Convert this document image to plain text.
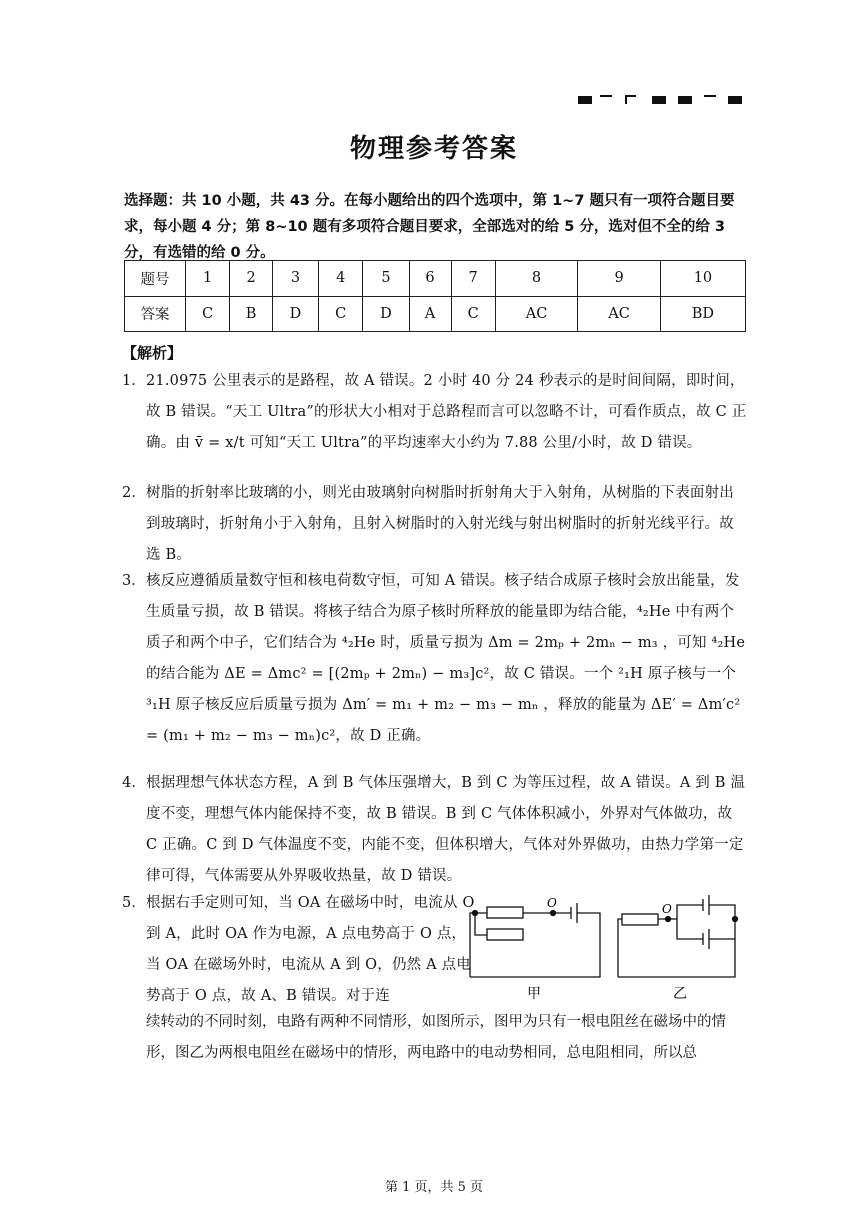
物理参考答案
选择题：共 10 小题，共 43 分。在每小题给出的四个选项中，第 1~7 题只有一项符合题目要求，每小题 4 分；第 8~10 题有多项符合题目要求，全部选对的给 5 分，选对但不全的给 3 分，有选错的给 0 分。
题号	1	2	3	4	5	6	7	8	9	10
答案	C	B	D	C	D	A	C	AC	AC	BD
【解析】
1． 21.0975 公里表示的是路程，故 A 错误。2 小时 40 分 24 秒表示的是时间间隔，即时间，故 B 错误。“天工 Ultra”的形状大小相对于总路程而言可以忽略不计，可看作质点，故 C 正确。由 v̄ = x/t 可知“天工 Ultra”的平均速率大小约为 7.88 公里/小时，故 D 错误。
2． 树脂的折射率比玻璃的小，则光由玻璃射向树脂时折射角大于入射角，从树脂的下表面射出到玻璃时，折射角小于入射角，且射入树脂时的入射光线与射出树脂时的折射光线平行。故选 B。
3． 核反应遵循质量数守恒和核电荷数守恒，可知 A 错误。核子结合成原子核时会放出能量，发生质量亏损，故 B 错误。将核子结合为原子核时所释放的能量即为结合能，⁴₂He 中有两个质子和两个中子，它们结合为 ⁴₂He 时，质量亏损为 Δm = 2mₚ + 2mₙ − m₃ ，可知 ⁴₂He 的结合能为 ΔE = Δmc² = [(2mₚ + 2mₙ) − m₃]c²，故 C 错误。一个 ²₁H 原子核与一个 ³₁H 原子核反应后质量亏损为 Δm′ = m₁ + m₂ − m₃ − mₙ ，释放的能量为 ΔE′ = Δm′c² = (m₁ + m₂ − m₃ − mₙ)c²，故 D 正确。
4． 根据理想气体状态方程，A 到 B 气体压强增大，B 到 C 为等压过程，故 A 错误。A 到 B 温度不变，理想气体内能保持不变，故 B 错误。B 到 C 气体体积减小，外界对气体做功，故 C 正确。C 到 D 气体温度不变，内能不变，但体积增大，气体对外界做功，由热力学第一定律可得，气体需要从外界吸收热量，故 D 错误。
5． 根据右手定则可知，当 OA 在磁场中时，电流从 O 到 A，此时 OA 作为电源，A 点电势高于 O 点，当 OA 在磁场外时，电流从 A 到 O，仍然 A 点电势高于 O 点，故 A、B 错误。对于连
O
甲
O
乙
续转动的不同时刻，电路有两种不同情形，如图所示，图甲为只有一根电阻丝在磁场中的情形，图乙为两根电阻丝在磁场中的情形，两电路中的电动势相同，总电阻相同，所以总
第 1 页，共 5 页
